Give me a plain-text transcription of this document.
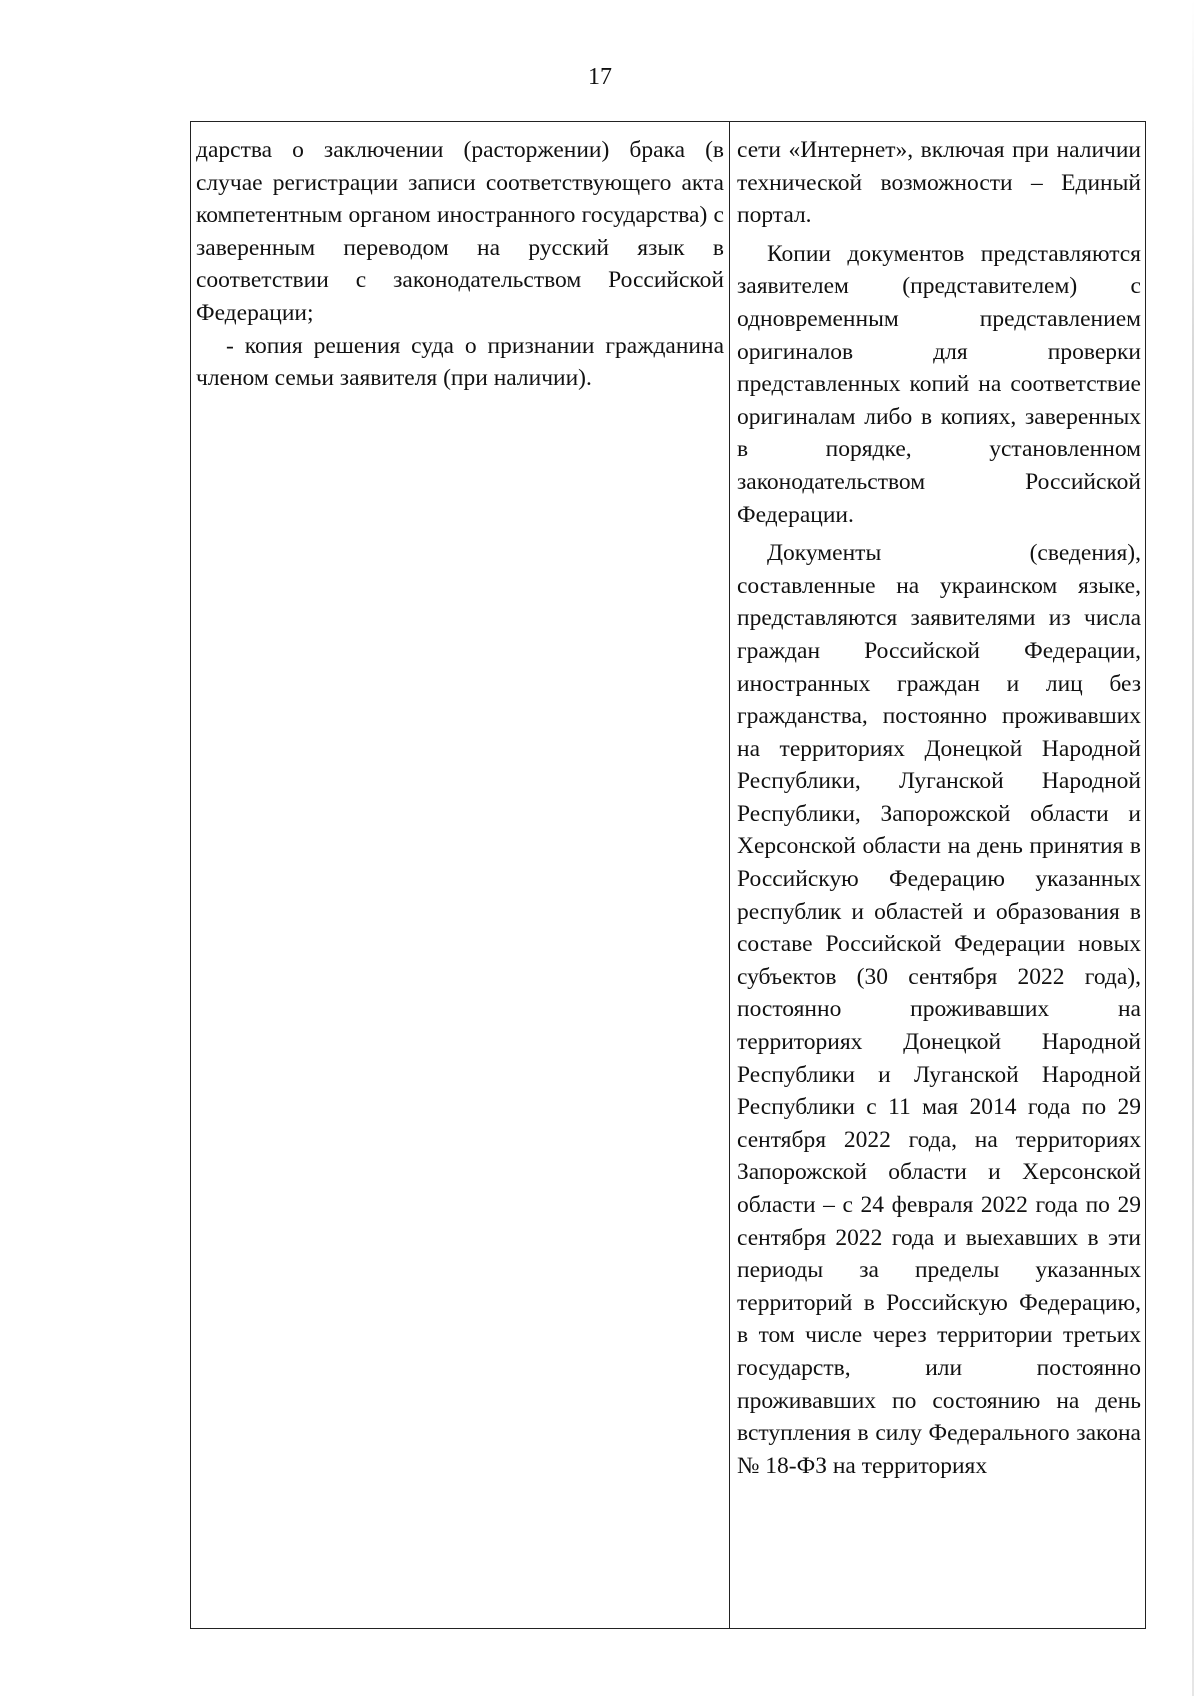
17

дарства о заключении (расторжении) брака (в случае регистрации записи соответствующего акта компетентным органом иностранного государства) с заверенным переводом на русский язык в соответствии с законодательством Российской Федерации;

- копия решения суда о признании гражданина членом семьи заявителя (при наличии).

сети «Интернет», включая при наличии технической возможности – Единый портал.

Копии документов представляются заявителем (представителем) с одновременным представлением оригиналов для проверки представленных копий на соответствие оригиналам либо в копиях, заверенных в порядке, установленном законодательством Российской Федерации.

Документы (сведения), составленные на украинском языке, представляются заявителями из числа граждан Российской Федерации, иностранных граждан и лиц без гражданства, постоянно проживавших на территориях Донецкой Народной Республики, Луганской Народной Республики, Запорожской области и Херсонской области на день принятия в Российскую Федерацию указанных республик и областей и образования в составе Российской Федерации новых субъектов (30 сентября 2022 года), постоянно проживавших на территориях Донецкой Народной Республики и Луганской Народной Республики с 11 мая 2014 года по 29 сентября 2022 года, на территориях Запорожской области и Херсонской области – с 24 февраля 2022 года по 29 сентября 2022 года и выехавших в эти периоды за пределы указанных территорий в Российскую Федерацию, в том числе через территории третьих государств, или постоянно проживавших по состоянию на день вступления в силу Федерального закона № 18-ФЗ на территориях
